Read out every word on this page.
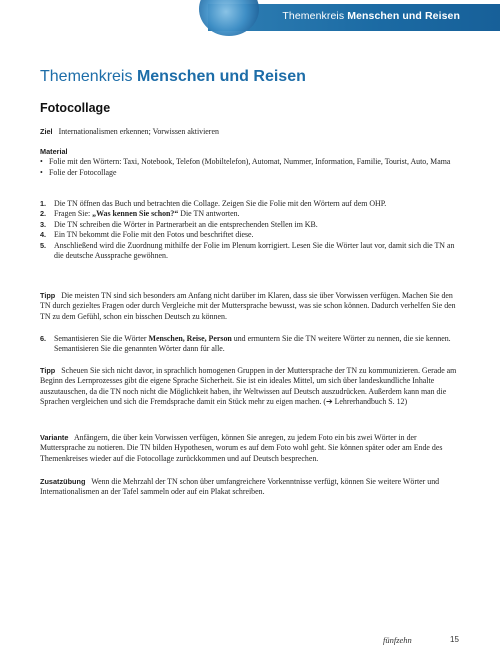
Themenkreis Menschen und Reisen
Themenkreis Menschen und Reisen
Fotocollage
Ziel Internationalismen erkennen; Vorwissen aktivieren
Material
• Folie mit den Wörtern: Taxi, Notebook, Telefon (Mobiltelefon), Automat, Nummer, Information, Familie, Tourist, Auto, Mama
• Folie der Fotocollage
1. Die TN öffnen das Buch und betrachten die Collage. Zeigen Sie die Folie mit den Wörtern auf dem OHP.
2. Fragen Sie: „Was kennen Sie schon?“ Die TN antworten.
3. Die TN schreiben die Wörter in Partnerarbeit an die entsprechenden Stellen im KB.
4. Ein TN bekommt die Folie mit den Fotos und beschriftet diese.
5. Anschließend wird die Zuordnung mithilfe der Folie im Plenum korrigiert. Lesen Sie die Wörter laut vor, damit sich die TN an die deutsche Aussprache gewöhnen.
Tipp Die meisten TN sind sich besonders am Anfang nicht darüber im Klaren, dass sie über Vorwissen verfügen. Machen Sie den TN durch gezieltes Fragen oder durch Vergleiche mit der Muttersprache bewusst, was sie schon können. Dadurch verhelfen Sie den TN zu dem Gefühl, schon ein bisschen Deutsch zu können.
6. Semantisieren Sie die Wörter Menschen, Reise, Person und ermuntern Sie die TN weitere Wörter zu nennen, die sie kennen. Semantisieren Sie die genannten Wörter dann für alle.
Tipp Scheuen Sie sich nicht davor, in sprachlich homogenen Gruppen in der Muttersprache der TN zu kommunizieren. Gerade am Beginn des Lernprozesses gibt die eigene Sprache Sicherheit. Sie ist ein ideales Mittel, um sich über landeskundliche Inhalte auszutauschen, da die TN noch nicht die Möglichkeit haben, ihr Weltwissen auf Deutsch auszudrücken. Außerdem kann man die Sprachen vergleichen und sich die Fremdsprache damit ein Stück mehr zu eigen machen. (➔ Lehrerhandbuch S. 12)
Variante Anfängern, die über kein Vorwissen verfügen, können Sie anregen, zu jedem Foto ein bis zwei Wörter in der Muttersprache zu notieren. Die TN bilden Hypothesen, worum es auf dem Foto wohl geht. Sie können später oder am Ende des Themenkreises wieder auf die Fotocollage zurückkommen und auf Deutsch besprechen.
Zusatzübung Wenn die Mehrzahl der TN schon über umfangreichere Vorkenntnisse verfügt, können Sie weitere Wörter und Internationalismen an der Tafel sammeln oder auf ein Plakat schreiben.
fünfzehn	15
